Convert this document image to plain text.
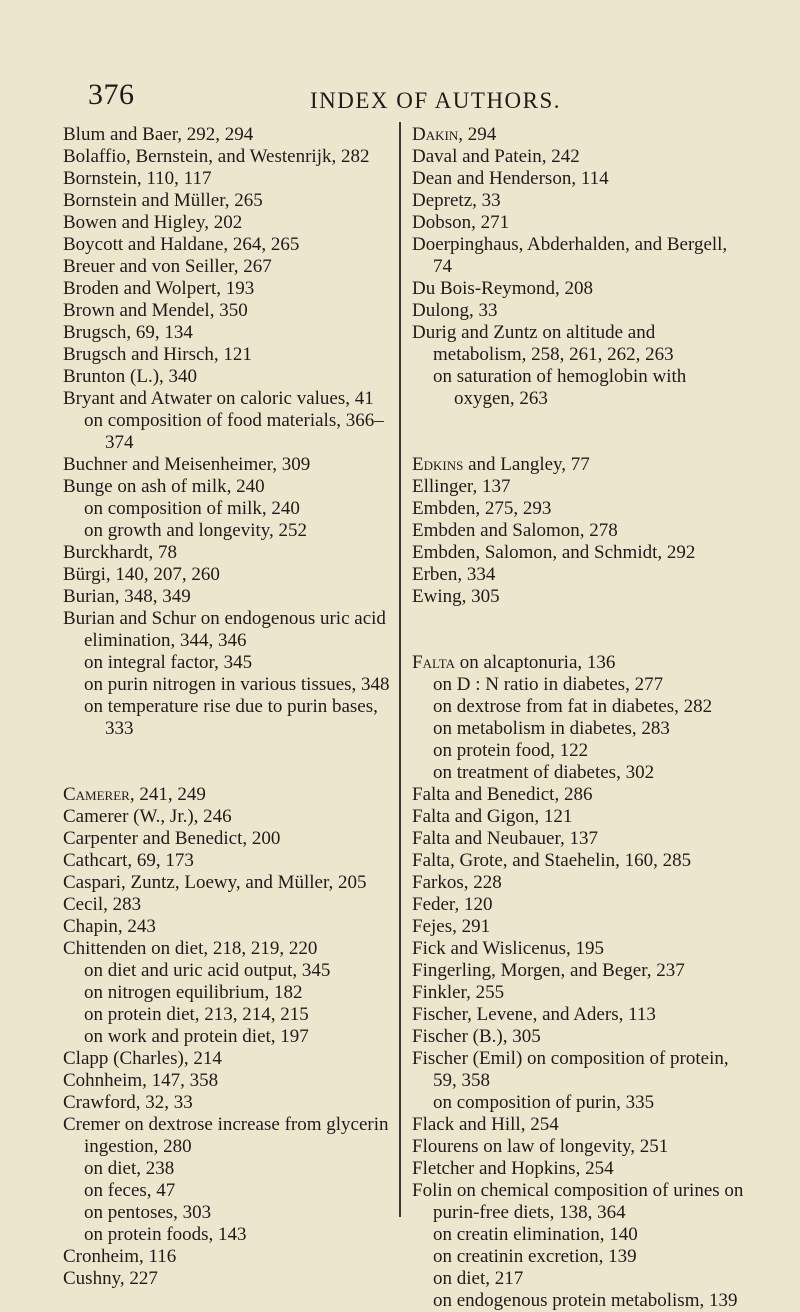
376	INDEX OF AUTHORS.

Blum and Baer, 292, 294

Bolaffio, Bernstein, and Westenrijk, 282

Bornstein, 110, 117

Bornstein and Müller, 265

Bowen and Higley, 202

Boycott and Haldane, 264, 265

Breuer and von Seiller, 267

Broden and Wolpert, 193

Brown and Mendel, 350

Brugsch, 69, 134

Brugsch and Hirsch, 121

Brunton (L.), 340

Bryant and Atwater on caloric values, 41

on composition of food materials, 366–374

Buchner and Meisenheimer, 309

Bunge on ash of milk, 240

on composition of milk, 240

on growth and longevity, 252

Burckhardt, 78

Bürgi, 140, 207, 260

Burian, 348, 349

Burian and Schur on endogenous uric acid elimination, 344, 346

on integral factor, 345

on purin nitrogen in various tissues, 348

on temperature rise due to purin bases, 333

Camerer, 241, 249

Camerer (W., Jr.), 246

Carpenter and Benedict, 200

Cathcart, 69, 173

Caspari, Zuntz, Loewy, and Müller, 205

Cecil, 283

Chapin, 243

Chittenden on diet, 218, 219, 220

on diet and uric acid output, 345

on nitrogen equilibrium, 182

on protein diet, 213, 214, 215

on work and protein diet, 197

Clapp (Charles), 214

Cohnheim, 147, 358

Crawford, 32, 33

Cremer on dextrose increase from glycerin ingestion, 280

on diet, 238

on feces, 47

on pentoses, 303

on protein foods, 143

Cronheim, 116

Cushny, 227

Dakin, 294

Daval and Patein, 242

Dean and Henderson, 114

Depretz, 33

Dobson, 271

Doerpinghaus, Abderhalden, and Bergell, 74

Du Bois-Reymond, 208

Dulong, 33

Durig and Zuntz on altitude and metabolism, 258, 261, 262, 263

on saturation of hemoglobin with oxygen, 263

Edkins and Langley, 77

Ellinger, 137

Embden, 275, 293

Embden and Salomon, 278

Embden, Salomon, and Schmidt, 292

Erben, 334

Ewing, 305

Falta on alcaptonuria, 136

on D : N ratio in diabetes, 277

on dextrose from fat in diabetes, 282

on metabolism in diabetes, 283

on protein food, 122

on treatment of diabetes, 302

Falta and Benedict, 286

Falta and Gigon, 121

Falta and Neubauer, 137

Falta, Grote, and Staehelin, 160, 285

Farkos, 228

Feder, 120

Fejes, 291

Fick and Wislicenus, 195

Fingerling, Morgen, and Beger, 237

Finkler, 255

Fischer, Levene, and Aders, 113

Fischer (B.), 305

Fischer (Emil) on composition of protein, 59, 358

on composition of purin, 335

Flack and Hill, 254

Flourens on law of longevity, 251

Fletcher and Hopkins, 254

Folin on chemical composition of urines on purin-free diets, 138, 364

on creatin elimination, 140

on creatinin excretion, 139

on diet, 217

on endogenous protein metabolism, 139
